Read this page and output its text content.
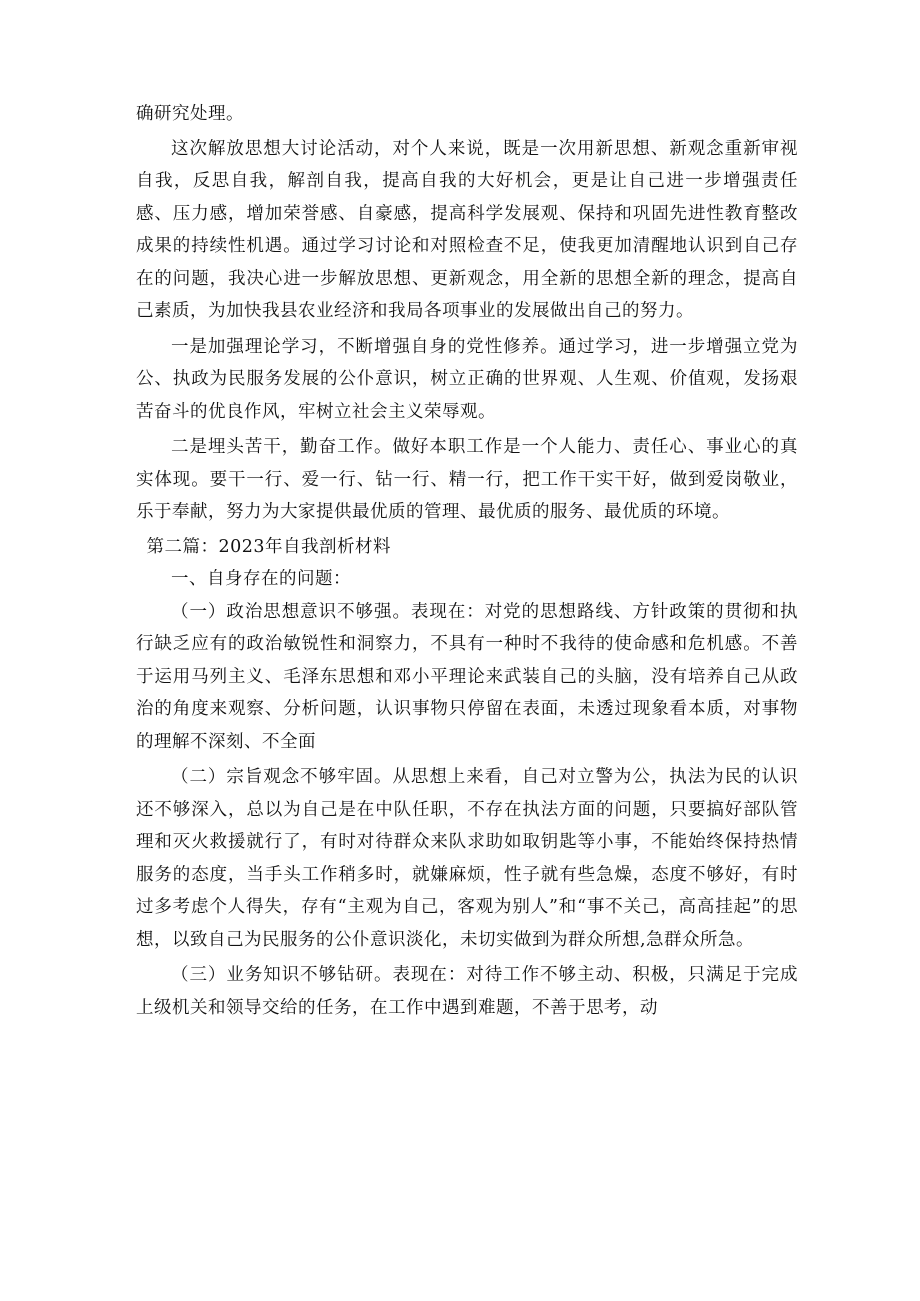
确研究处理。

这次解放思想大讨论活动，对个人来说，既是一次用新思想、新观念重新审视自我，反思自我，解剖自我，提高自我的大好机会，更是让自己进一步增强责任感、压力感，增加荣誉感、自豪感，提高科学发展观、保持和巩固先进性教育整改成果的持续性机遇。通过学习讨论和对照检查不足，使我更加清醒地认识到自己存在的问题，我决心进一步解放思想、更新观念，用全新的思想全新的理念，提高自己素质，为加快我县农业经济和我局各项事业的发展做出自己的努力。

一是加强理论学习，不断增强自身的党性修养。通过学习，进一步增强立党为公、执政为民服务发展的公仆意识，树立正确的世界观、人生观、价值观，发扬艰苦奋斗的优良作风，牢树立社会主义荣辱观。

二是埋头苦干，勤奋工作。做好本职工作是一个人能力、责任心、事业心的真实体现。要干一行、爱一行、钻一行、精一行，把工作干实干好，做到爱岗敬业，乐于奉献，努力为大家提供最优质的管理、最优质的服务、最优质的环境。

第二篇：2023年自我剖析材料

一、自身存在的问题：

（一）政治思想意识不够强。表现在：对党的思想路线、方针政策的贯彻和执行缺乏应有的政治敏锐性和洞察力，不具有一种时不我待的使命感和危机感。不善于运用马列主义、毛泽东思想和邓小平理论来武装自己的头脑，没有培养自己从政治的角度来观察、分析问题，认识事物只停留在表面，未透过现象看本质，对事物的理解不深刻、不全面

（二）宗旨观念不够牢固。从思想上来看，自己对立警为公，执法为民的认识还不够深入，总以为自己是在中队任职，不存在执法方面的问题，只要搞好部队管理和灭火救援就行了，有时对待群众来队求助如取钥匙等小事，不能始终保持热情服务的态度，当手头工作稍多时，就嫌麻烦，性子就有些急燥，态度不够好，有时过多考虑个人得失，存有“主观为自己，客观为别人”和“事不关己，高高挂起”的思想，以致自己为民服务的公仆意识淡化，未切实做到为群众所想,急群众所急。

（三）业务知识不够钻研。表现在：对待工作不够主动、积极，只满足于完成上级机关和领导交给的任务，在工作中遇到难题，不善于思考，动
